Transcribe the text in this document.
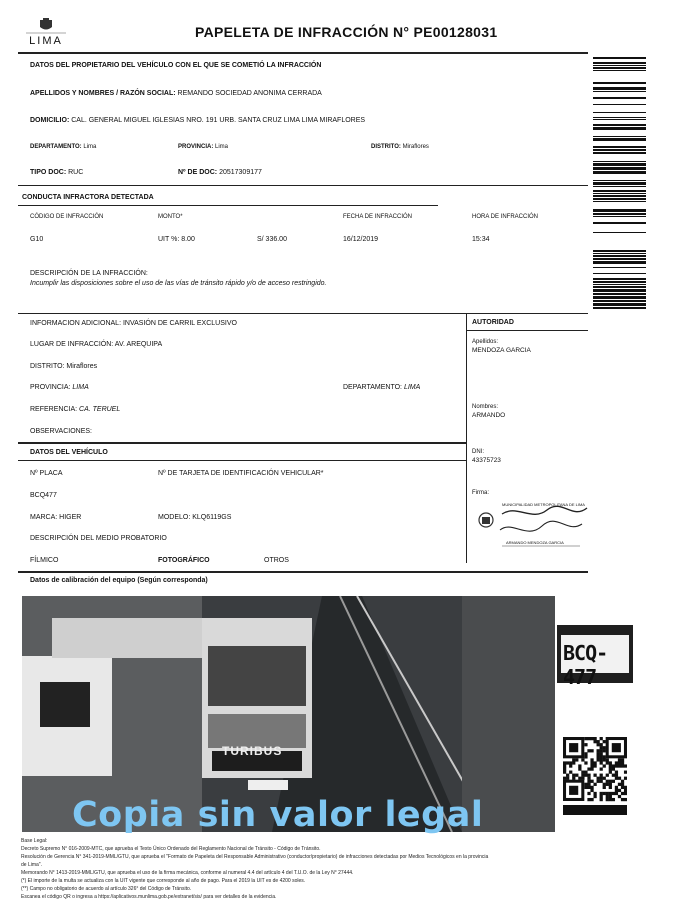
LIMA
PAPELETA DE INFRACCIÓN N° PE00128031
DATOS DEL PROPIETARIO DEL VEHÍCULO CON EL QUE SE COMETIÓ LA INFRACCIÓN
APELLIDOS Y NOMBRES / RAZÓN SOCIAL: REMANDO SOCIEDAD ANONIMA CERRADA
DOMICILIO: CAL. GENERAL MIGUEL IGLESIAS NRO. 191 URB. SANTA CRUZ LIMA LIMA MIRAFLORES
DEPARTAMENTO: Lima	PROVINCIA: Lima	DISTRITO: Miraflores
TIPO DOC: RUC	Nº DE DOC: 20517309177
CONDUCTA INFRACTORA DETECTADA
CÓDIGO DE INFRACCIÓN	MONTO*	FECHA DE INFRACCIÓN	HORA DE INFRACCIÓN
G10	UIT %: 8.00	S/ 336.00	16/12/2019	15:34
DESCRIPCIÓN DE LA INFRACCIÓN:
Incumplir las disposiciones sobre el uso de las vías de tránsito rápido y/o de acceso restringido.
INFORMACION ADICIONAL: INVASIÓN DE CARRIL EXCLUSIVO
LUGAR DE INFRACCIÓN: AV. AREQUIPA
DISTRITO: Miraflores
PROVINCIA: LIMA	DEPARTAMENTO: LIMA
REFERENCIA: CA. TERUEL
OBSERVACIONES:
AUTORIDAD
Apellidos:
MENDOZA GARCIA
Nombres:
ARMANDO
DNI:
43375723
Firma:
MUNICIPALIDAD METROPOLITANA DE LIMA
ARMANDO MENDOZA GARCIA
DATOS DEL VEHÍCULO
Nº PLACA	Nº DE TARJETA DE IDENTIFICACIÓN VEHICULAR*
BCQ477
MARCA: HIGER	MODELO: KLQ6119GS
DESCRIPCIÓN DEL MEDIO PROBATORIO
FÍLMICO	FOTOGRÁFICO	OTROS
Datos de calibración del equipo (Según corresponda)
TURIBUS
BCQ-477
Copia sin valor legal
Base Legal:
Decreto Supremo N° 016-2009-MTC, que aprueba el Texto Único Ordenado del Reglamento Nacional de Tránsito - Código de Tránsito.
Resolución de Gerencia N° 341-2019-MML/GTU, que aprueba el "Formato de Papeleta del Responsable Administrativo (conductor/propietario) de infracciones detectadas por Medios Tecnológicos en la provincia
de Lima".
Memorando N° 1413-2019-MML/GTU, que aprueba el uso de la firma mecánica, conforme al numeral 4.4 del artículo 4 del T.U.O. de la Ley N° 27444.
(*) El importe de la multa se actualiza con la UIT vigente que corresponde al año de pago. Para el 2019 la UIT es de 4200 soles.
(**) Campo no obligatorio de acuerdo al artículo 326° del Código de Tránsito.
Escanea el código QR o ingresa a https://aplicativos.munlima.gob.pe/extranet/sis/ para ver detalles de la evidencia.
